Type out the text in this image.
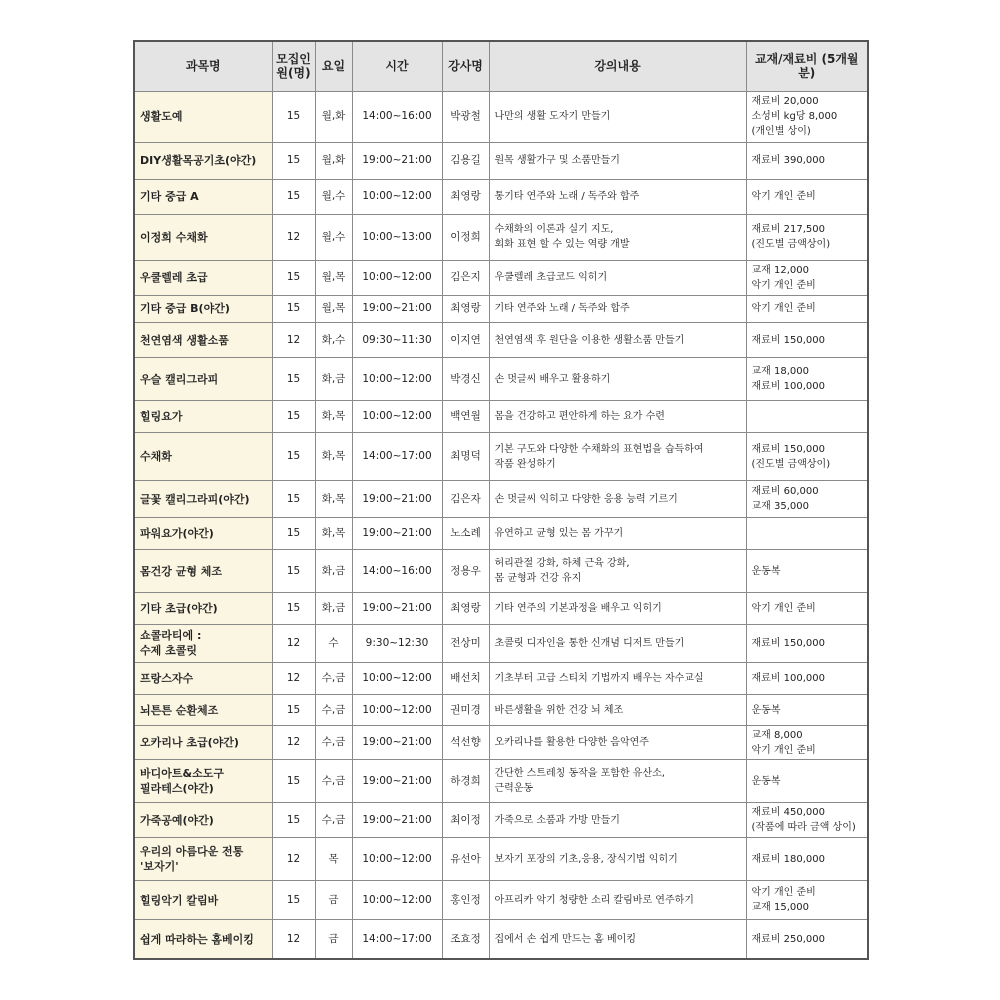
과목명	모집인원(명)	요일	시간	강사명	강의내용	교재/재료비 (5개월분)

생활도예	15	월,화	14:00~16:00	박광철	나만의 생활 도자기 만들기	재료비 20,000
소성비 kg당 8,000
(개인별 상이)

DIY생활목공기초(야간)	15	월,화	19:00~21:00	김용길	원목 생활가구 및 소품만들기	재료비 390,000

기타 중급 A	15	월,수	10:00~12:00	최영랑	통기타 연주와 노래 / 독주와 합주	악기 개인 준비

이정희 수채화	12	월,수	10:00~13:00	이정희	수채화의 이론과 실기 지도,
회화 표현 할 수 있는 역량 개발	재료비 217,500
(진도별 금액상이)

우쿨렐레 초급	15	월,목	10:00~12:00	김은지	우쿨렐레 초급코드 익히기	교재 12,000
악기 개인 준비

기타 중급 B(야간)	15	월,목	19:00~21:00	최영랑	기타 연주와 노래 / 독주와 합주	악기 개인 준비

천연염색 생활소품	12	화,수	09:30~11:30	이지연	천연염색 후 원단을 이용한 생활소품 만들기	재료비 150,000

우슬 캘리그라피	15	화,금	10:00~12:00	박경신	손 멋글씨 배우고 활용하기	교재 18,000
재료비 100,000

힐링요가	15	화,목	10:00~12:00	백연월	몸을 건강하고 편안하게 하는 요가 수련	

수채화	15	화,목	14:00~17:00	최명덕	기본 구도와 다양한 수채화의 표현법을 습득하여
작품 완성하기	재료비 150,000
(진도별 금액상이)

글꽃 캘리그라피(야간)	15	화,목	19:00~21:00	김은자	손 멋글씨 익히고 다양한 응용 능력 기르기	재료비 60,000
교재 35,000

파워요가(야간)	15	화,목	19:00~21:00	노소례	유연하고 균형 있는 몸 가꾸기	

몸건강 균형 체조	15	화,금	14:00~16:00	정용우	허리관절 강화, 하체 근육 강화,
몸 균형과 건강 유지	운동복

기타 초급(야간)	15	화,금	19:00~21:00	최영랑	기타 연주의 기본과정을 배우고 익히기	악기 개인 준비

쇼콜라티에 :
수제 초콜릿	12	수	9:30~12:30	전상미	초콜릿 디자인을 통한 신개념 디저트 만들기	재료비 150,000

프랑스자수	12	수,금	10:00~12:00	배선치	기초부터 고급 스티치 기법까지 배우는 자수교실	재료비 100,000

뇌튼튼 순환체조	15	수,금	10:00~12:00	권미경	바른생활을 위한 건강 뇌 체조	운동복

오카리나 초급(야간)	12	수,금	19:00~21:00	석선향	오카리나를 활용한 다양한 음악연주	교재 8,000
악기 개인 준비

바디아트&소도구
필라테스(야간)	15	수,금	19:00~21:00	하경희	간단한 스트레칭 동작을 포함한 유산소,
근력운동	운동복

가죽공예(야간)	15	수,금	19:00~21:00	최이정	가죽으로 소품과 가방 만들기	재료비 450,000
(작품에 따라 금액 상이)

우리의 아름다운 전통
'보자기'	12	목	10:00~12:00	유선아	보자기 포장의 기초,응용, 장식기법 익히기	재료비 180,000

힐링악기 칼림바	15	금	10:00~12:00	홍인정	아프리카 악기 청량한 소리 칼림바로 연주하기	악기 개인 준비
교재 15,000

쉽게 따라하는 홈베이킹	12	금	14:00~17:00	조효정	집에서 손 쉽게 만드는 홈 베이킹	재료비 250,000
